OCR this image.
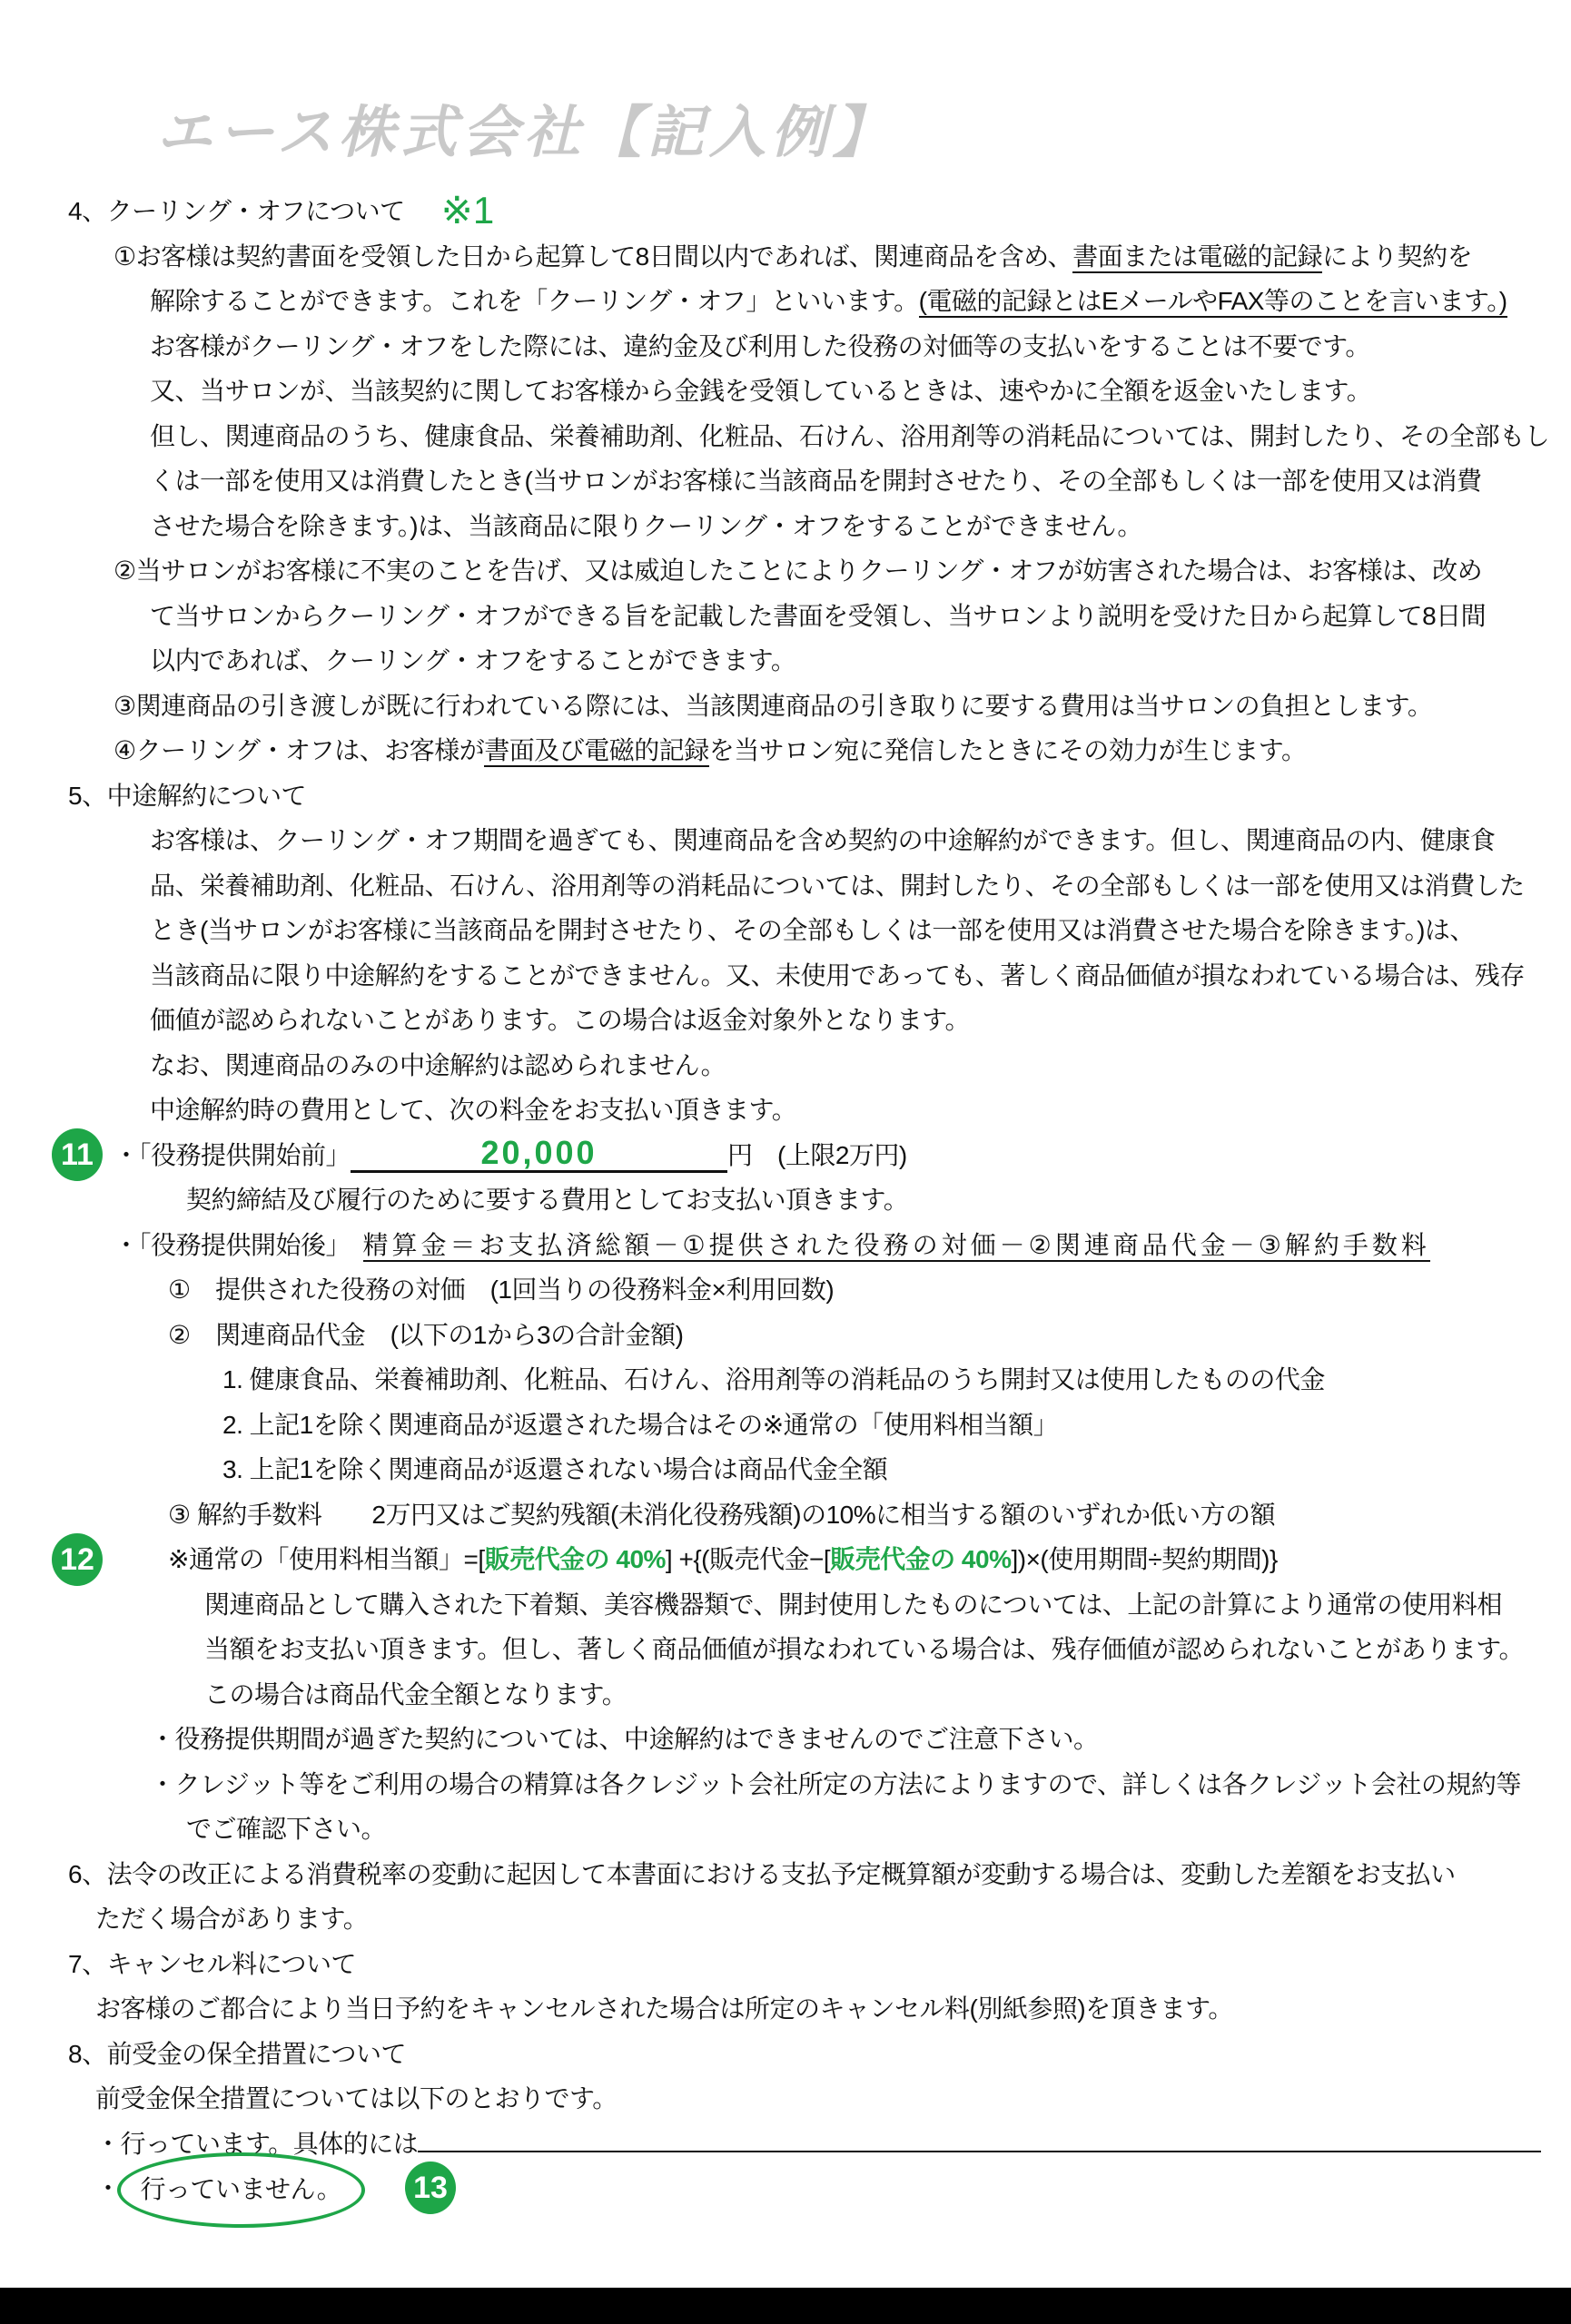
エース株式会社【記入例】

4、クーリング・オフについて ※1

①お客様は契約書面を受領した日から起算して8日間以内であれば、関連商品を含め、書面または電磁的記録により契約を

解除することができます。これを「クーリング・オフ」といいます。(電磁的記録とはEメールやFAX等のことを言います。)

お客様がクーリング・オフをした際には、違約金及び利用した役務の対価等の支払いをすることは不要です。

又、当サロンが、当該契約に関してお客様から金銭を受領しているときは、速やかに全額を返金いたします。

但し、関連商品のうち、健康食品、栄養補助剤、化粧品、石けん、浴用剤等の消耗品については、開封したり、その全部もし

くは一部を使用又は消費したとき(当サロンがお客様に当該商品を開封させたり、その全部もしくは一部を使用又は消費

させた場合を除きます。)は、当該商品に限りクーリング・オフをすることができません。

②当サロンがお客様に不実のことを告げ、又は威迫したことによりクーリング・オフが妨害された場合は、お客様は、改め

て当サロンからクーリング・オフができる旨を記載した書面を受領し、当サロンより説明を受けた日から起算して8日間

以内であれば、クーリング・オフをすることができます。

③関連商品の引き渡しが既に行われている際には、当該関連商品の引き取りに要する費用は当サロンの負担とします。

④クーリング・オフは、お客様が書面及び電磁的記録を当サロン宛に発信したときにその効力が生じます。

5、中途解約について

お客様は、クーリング・オフ期間を過ぎても、関連商品を含め契約の中途解約ができます。但し、関連商品の内、健康食

品、栄養補助剤、化粧品、石けん、浴用剤等の消耗品については、開封したり、その全部もしくは一部を使用又は消費した

とき(当サロンがお客様に当該商品を開封させたり、その全部もしくは一部を使用又は消費させた場合を除きます。)は、

当該商品に限り中途解約をすることができません。又、未使用であっても、著しく商品価値が損なわれている場合は、残存

価値が認められないことがあります。この場合は返金対象外となります。

なお、関連商品のみの中途解約は認められません。

中途解約時の費用として、次の料金をお支払い頂きます。

・「役務提供開始前」	20,000	円　(上限2万円)

契約締結及び履行のために要する費用としてお支払い頂きます。

・「役務提供開始後」　精算金＝お支払済総額－①提供された役務の対価－②関連商品代金－③解約手数料

①　提供された役務の対価　(1回当りの役務料金×利用回数)

②　関連商品代金　(以下の1から3の合計金額)

1. 健康食品、栄養補助剤、化粧品、石けん、浴用剤等の消耗品のうち開封又は使用したものの代金

2. 上記1を除く関連商品が返還された場合はその※通常の「使用料相当額」

3. 上記1を除く関連商品が返還されない場合は商品代金全額

③ 解約手数料　　2万円又はご契約残額(未消化役務残額)の10%に相当する額のいずれか低い方の額

※通常の「使用料相当額」=[販売代金の 40%] +{(販売代金−[販売代金の 40%])×(使用期間÷契約期間)}

関連商品として購入された下着類、美容機器類で、開封使用したものについては、上記の計算により通常の使用料相

当額をお支払い頂きます。但し、著しく商品価値が損なわれている場合は、残存価値が認められないことがあります。

この場合は商品代金全額となります。

・役務提供期間が過ぎた契約については、中途解約はできませんのでご注意下さい。

・クレジット等をご利用の場合の精算は各クレジット会社所定の方法によりますので、詳しくは各クレジット会社の規約等

でご確認下さい。

6、法令の改正による消費税率の変動に起因して本書面における支払予定概算額が変動する場合は、変動した差額をお支払い

ただく場合があります。

7、キャンセル料について

お客様のご都合により当日予約をキャンセルされた場合は所定のキャンセル料(別紙参照)を頂きます。

8、前受金の保全措置について

前受金保全措置については以下のとおりです。

・行っています。具体的には

・ 行っていません。

11
12
13
